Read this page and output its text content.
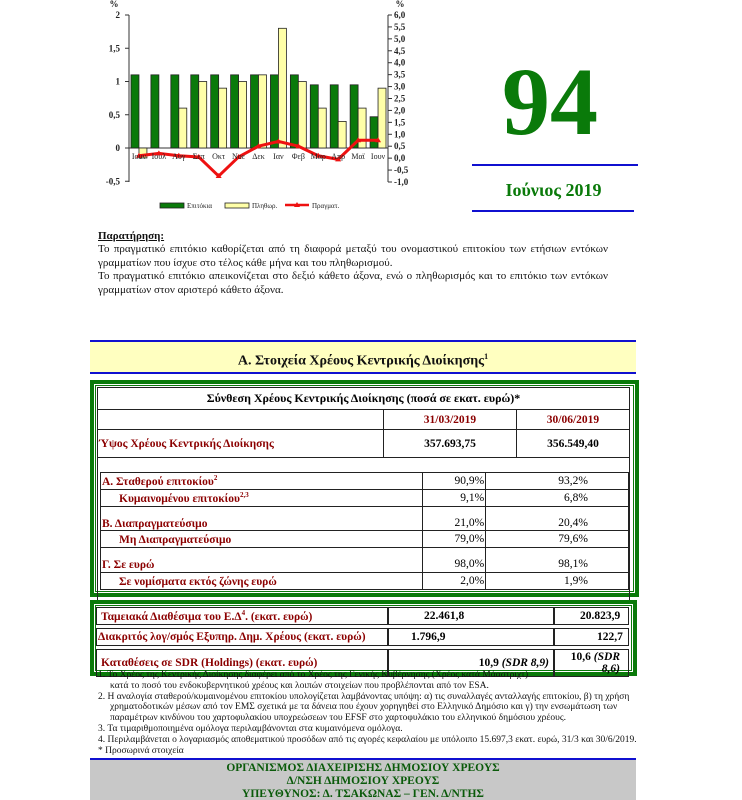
-0,5
0
0,5
1
1,5
2
-1,0
-0,5
0,0
0,5
1,0
1,5
2,0
2,5
3,0
3,5
4,0
4,5
5,0
5,5
6,0
%	%
Ιουν Ιουλ Αυγ Σεπ Οκτ Νοε Δεκ Ιαν Φεβ Μαρ Απρ Μαϊ Ιουν
Επιτόκια	Πληθωρ.	Πραγματ.
94
Ιούνιος 2019
Παρατήρηση:
Το πραγματικό επιτόκιο καθορίζεται από τη διαφορά μεταξύ του ονομαστικού επιτοκίου των ετήσιων εντόκων γραμματίων που ίσχυε στο τέλος κάθε μήνα και του πληθωρισμού.
Το πραγματικό επιτόκιο απεικονίζεται στο δεξιό κάθετο άξονα, ενώ ο πληθωρισμός και το επιτόκιο των εντόκων γραμματίων στον αριστερό κάθετο άξονα.
Α. Στοιχεία Χρέους Κεντρικής Διοίκησης$^1$
Σύνθεση Χρέους Κεντρικής Διοίκησης (ποσά σε εκατ. ευρώ)*
	31/03/2019	30/06/2019
Ύψος Χρέους Κεντρικής Διοίκησης	357.693,75	356.549,40

Α. Σταθερού επιτοκίου$^2$	90,9%	93,2%
Κυμαινομένου επιτοκίου$^{2,3}$	9,1%	6,8%
Β. Διαπραγματεύσιμο	21,0%	20,4%
Μη Διαπραγματεύσιμο	79,0%	79,6%
Γ. Σε ευρώ	98,0%	98,1%
Σε νομίσματα εκτός ζώνης ευρώ	2,0%	1,9%
Ταμειακά Διαθέσιμα του $E.\Delta^4$. (εκατ. ευρώ)	22.461,8	20.823,9
Διακριτός λογ/σμός Εξυπηρ. Δημ. Χρέους (εκατ. ευρώ)	1.796,9	122,7
Καταθέσεις σε SDR (Holdings) (εκατ. ευρώ)	10,9 (SDR 8,9)	10,6 (SDR 8,6)
1. Το Χρέος της Κεντρικής Διοίκησης διαφέρει από το Χρέος της Γενικής Κυβέρνησης (Χρέος κατά Μάαστριχτ)
κατά το ποσό του ενδοκυβερνητικού χρέους και λοιπών στοιχείων που προβλέπονται από τον ESA.
2. Η αναλογία σταθερού/κυμαινομένου επιτοκίου υπολογίζεται λαμβάνοντας υπόψη: α) τις συναλλαγές ανταλλαγής επιτοκίου, β) τη χρήση
χρηματοδοτικών μέσων από τον ΕΜΣ σχετικά με τα δάνεια που έχουν χορηγηθεί στο Ελληνικό Δημόσιο και γ) την ενσωμάτωση των
παραμέτρων κινδύνου του χαρτοφυλακίου υποχρεώσεων του EFSF στο χαρτοφυλάκιο του ελληνικού δημόσιου χρέους.
3. Τα τιμαριθμοποιημένα ομόλογα περιλαμβάνονται στα κυμαινόμενα ομόλογα.
4. Περιλαμβάνεται ο λογαριασμός αποθεματικού προσόδων από τις αγορές κεφαλαίου με υπόλοιπο 15.697,3 εκατ. ευρώ, 31/3 και 30/6/2019.
* Προσωρινά στοιχεία
ΟΡΓΑΝΙΣΜΟΣ ΔΙΑΧΕΙΡΙΣΗΣ ΔΗΜΟΣΙΟΥ ΧΡΕΟΥΣ
Δ/ΝΣΗ ΔΗΜΟΣΙΟΥ ΧΡΕΟΥΣ
ΥΠΕΥΘΥΝΟΣ: Δ. ΤΣΑΚΩΝΑΣ – ΓΕΝ. Δ/ΝΤΗΣ
